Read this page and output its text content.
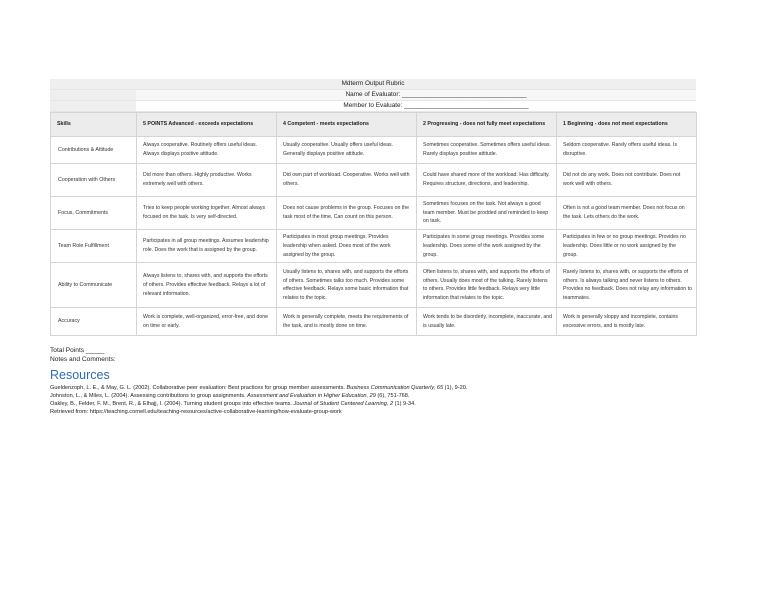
Mdterm Output Rubric
Name of Evaluator: ___________________________________
Member to Evaluate: ___________________________________
Skills	5 POINTS Advanced - exceeds expectations	4 Competent - meets expectations	2 Progressing - does not fully meet expectations	1 Beginning - does not meet expectations
Contributions & Attitude	Always cooperative. Routinely offers useful ideas. Always displays positive attitude.	Usually cooperative. Usually offers useful ideas. Generally displays positive attitude.	Sometimes cooperative. Sometimes offers useful ideas. Rarely displays positive attitude.	Seldom cooperative. Rarely offers useful ideas. Is disruptive.
Cooperation with Others	Did more than others. Highly productive. Works extremely well with others.	Did own part of workload. Cooperative. Works well with others.	Could have shared more of the workload. Has difficulty. Requires structure, directions, and leadership.	Did not do any work. Does not contribute. Does not work well with others.
Focus, Commitments	Tries to keep people working together. Almost always focused on the task. Is very self-directed.	Does not cause problems in the group. Focuses on the task most of the time. Can count on this person.	Sometimes focuses on the task. Not always a good team member. Must be prodded and reminded to keep on task.	Often is not a good team member. Does not focus on the task. Lets others do the work.
Team Role Fulfillment	Participates in all group meetings. Assumes leadership role. Does the work that is assigned by the group.	Participates in most group meetings. Provides leadership when asked. Does most of the work assigned by the group.	Participates in some group meetings. Provides some leadership. Does some of the work assigned by the group.	Participates in few or no group meetings. Provides no leadership. Does little or no work assigned by the group.
Ability to Communicate	Always listens to, shares with, and supports the efforts of others. Provides effective feedback. Relays a lot of relevant information.	Usually listens to, shares with, and supports the efforts of others. Sometimes talks too much. Provides some effective feedback. Relays some basic information that relates to the topic.	Often listens to, shares with, and supports the efforts of others. Usually does most of the talking. Rarely listens to others. Provides little feedback. Relays very little information that relates to the topic.	Rarely listens to, shares with, or supports the efforts of others. Is always talking and never listens to others. Provides no feedback. Does not relay any information to teammates.
Accuracy	Work is complete, well-organized, error-free, and done on time or early.	Work is generally complete, meets the requirements of the task, and is mostly done on time.	Work tends to be disorderly, incomplete, inaccurate, and is usually late.	Work is generally sloppy and incomplete, contains excessive errors, and is mostly late.
Total Points _____
Notes and Comments:
Resources
Gueldenzoph, L. E., & May, G. L. (2002). Collaborative peer evaluation: Best practices for group member assessments. Business Communication Quarterly, 65 (1), 9-20.
Johnston, L., & Miles, L. (2004). Assessing contributions to group assignments. Assessment and Evaluation in Higher Education, 29 (6), 751-768.
Oakley, B., Felder, F. M., Brent, R., & Elhajj, I. (2004). Turning student groups into effective teams. Journal of Student Centered Learning, 2 (1) 9-34.
Retrieved from: https://teaching.cornell.edu/teaching-resources/active-collaborative-learning/how-evaluate-group-work
